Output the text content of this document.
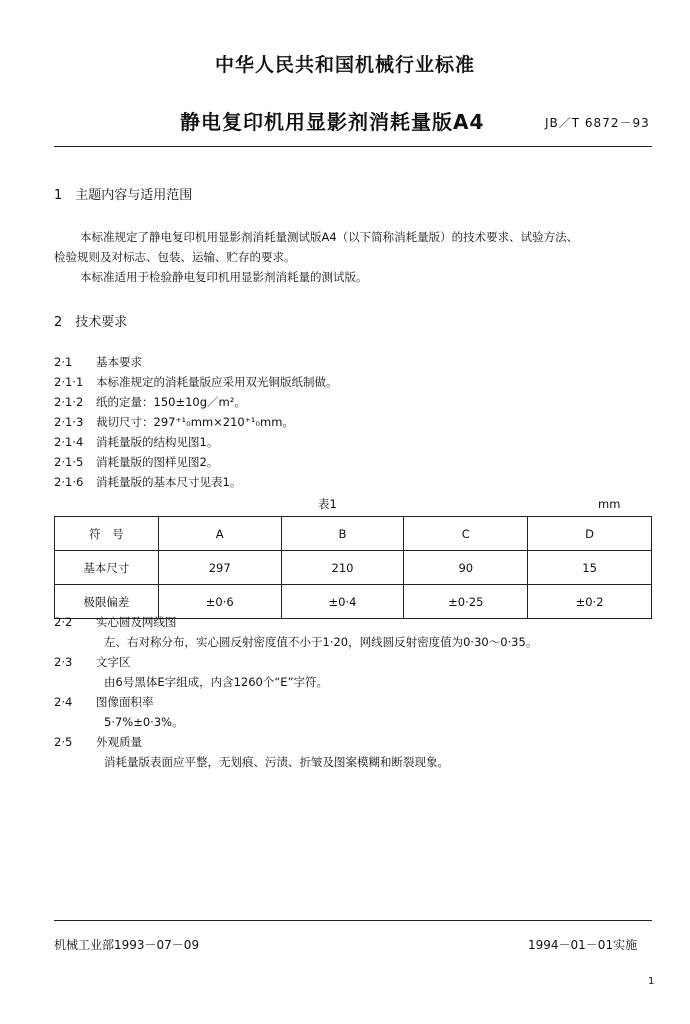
中华人民共和国机械行业标准
静电复印机用显影剂消耗量版A4	JB／T 6872－93
1　主题内容与适用范围
本标准规定了静电复印机用显影剂消耗量测试版A4（以下简称消耗量版）的技术要求、试验方法、
检验规则及对标志、包装、运输、贮存的要求。
本标准适用于检验静电复印机用显影剂消耗量的测试版。
2　技术要求
2·1 基本要求
2·1·1 本标准规定的消耗量版应采用双光铜版纸制做。
2·1·2 纸的定量：150±10g／m²。
2·1·3 裁切尺寸：297⁺¹₀mm×210⁺¹₀mm。
2·1·4 消耗量版的结构见图1。
2·1·5 消耗量版的图样见图2。
2·1·6 消耗量版的基本尺寸见表1。
表1	mm
符　号	A	B	C	D
基本尺寸	297	210	90	15
极限偏差	±0·6	±0·4	±0·25	±0·2
2·2 实心圆及网线图
左、右对称分布，实心圆反射密度值不小于1·20，网线圆反射密度值为0·30～0·35。
2·3 文字区
由6号黑体E字组成，内含1260个“E”字符。
2·4 图像面积率
5·7%±0·3%。
2·5 外观质量
消耗量版表面应平整，无划痕、污渍、折皱及图案模糊和断裂现象。
机械工业部1993－07－09	1994－01－01实施
1
